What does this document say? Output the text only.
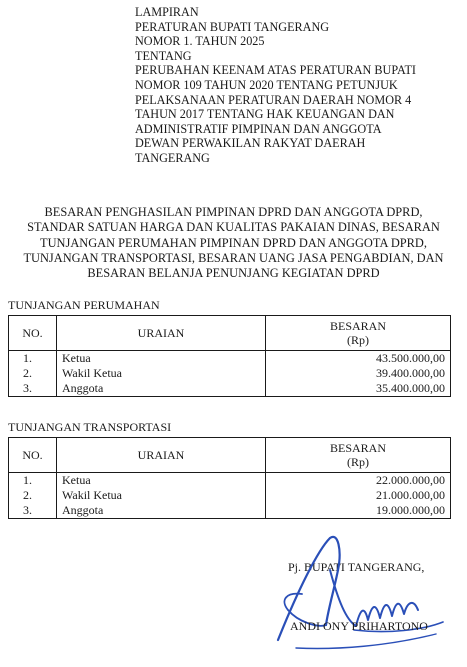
LAMPIRAN
PERATURAN BUPATI TANGERANG
NOMOR 1. TAHUN 2025
TENTANG
PERUBAHAN KEENAM ATAS PERATURAN BUPATI
NOMOR 109 TAHUN 2020 TENTANG PETUNJUK
PELAKSANAAN PERATURAN DAERAH NOMOR 4
TAHUN 2017 TENTANG HAK KEUANGAN DAN
ADMINISTRATIF PIMPINAN DAN ANGGOTA
DEWAN PERWAKILAN RAKYAT DAERAH
TANGERANG
BESARAN PENGHASILAN PIMPINAN DPRD DAN ANGGOTA DPRD,
STANDAR SATUAN HARGA DAN KUALITAS PAKAIAN DINAS, BESARAN
TUNJANGAN PERUMAHAN PIMPINAN DPRD DAN ANGGOTA DPRD,
TUNJANGAN TRANSPORTASI, BESARAN UANG JASA PENGABDIAN, DAN
BESARAN BELANJA PENUNJANG KEGIATAN DPRD
TUNJANGAN PERUMAHAN
NO.	URAIAN	BESARAN
(Rp)

1.	Ketua	43.500.000,00
2.	Wakil Ketua	39.400.000,00
3.	Anggota	35.400.000,00
TUNJANGAN TRANSPORTASI
NO.	URAIAN	BESARAN
(Rp)

1.	Ketua	22.000.000,00
2.	Wakil Ketua	21.000.000,00
3.	Anggota	19.000.000,00
Pj. BUPATI TANGERANG,
ANDI ONY PRIHARTONO
